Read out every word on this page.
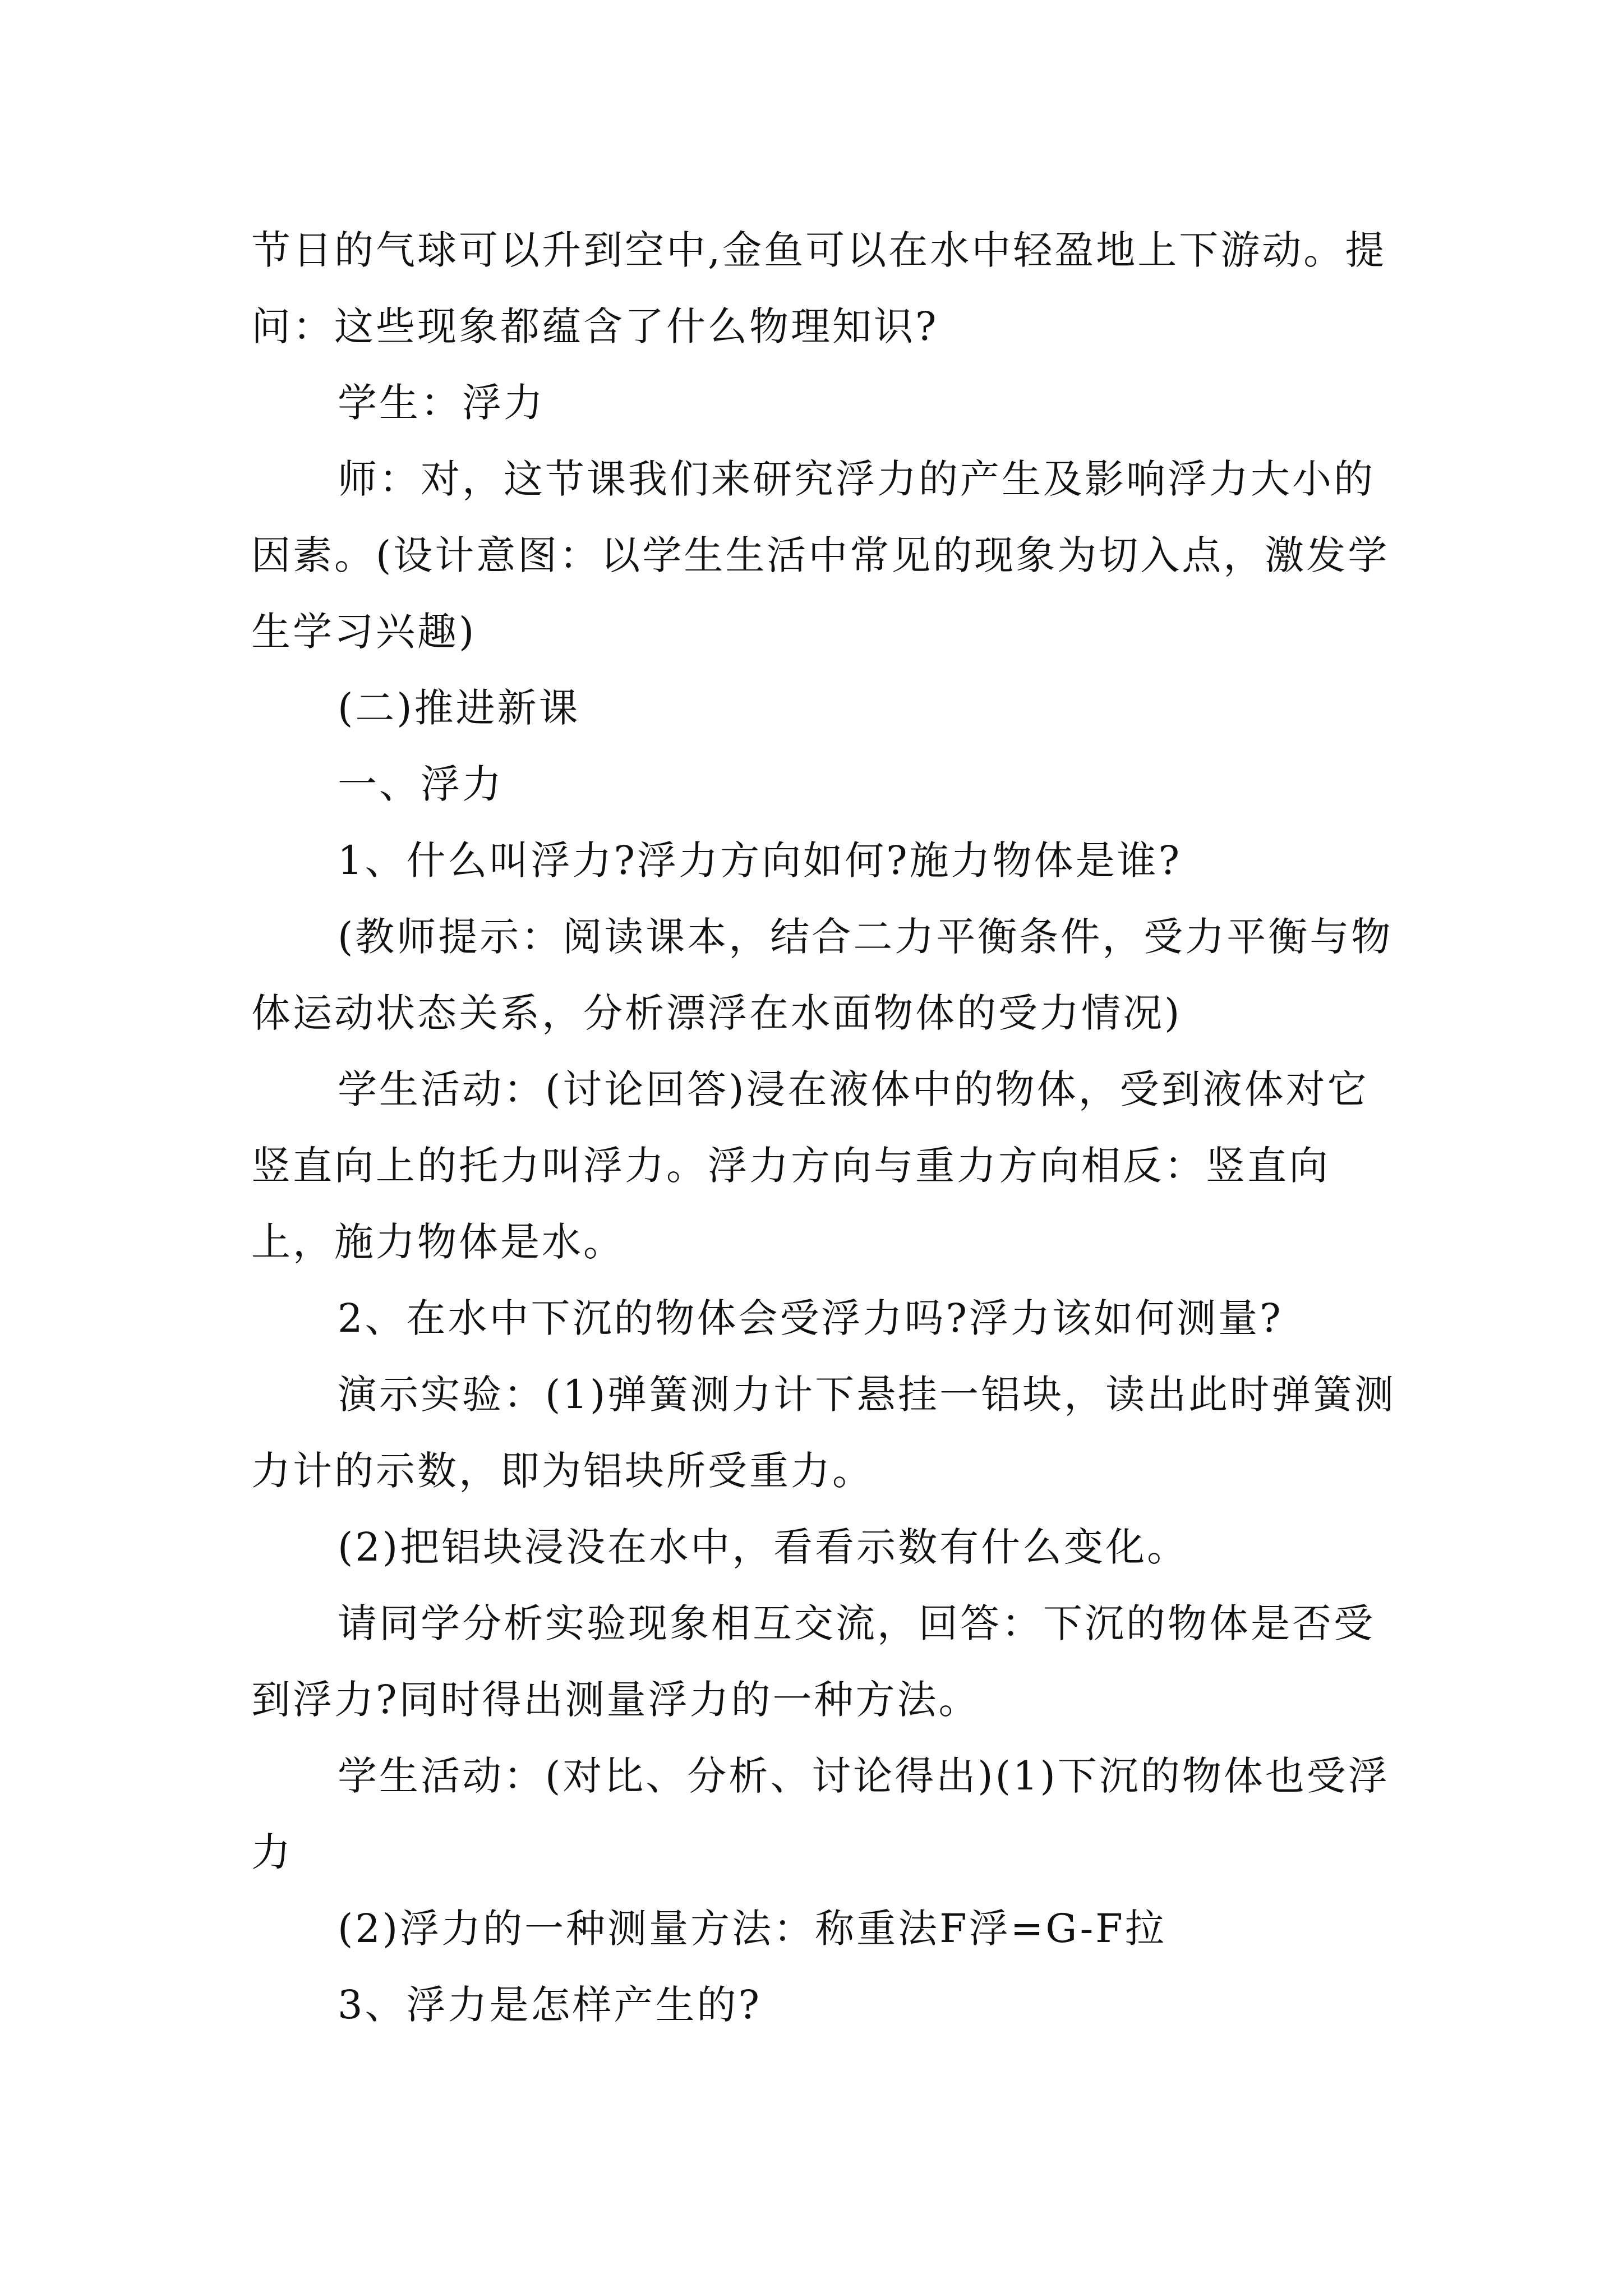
节日的气球可以升到空中,金鱼可以在水中轻盈地上下游动。提问：这些现象都蕴含了什么物理知识?

学生：浮力

师：对，这节课我们来研究浮力的产生及影响浮力大小的因素。(设计意图：以学生生活中常见的现象为切入点，激发学生学习兴趣)

(二)推进新课

一、浮力

1、什么叫浮力?浮力方向如何?施力物体是谁?

(教师提示：阅读课本，结合二力平衡条件，受力平衡与物体运动状态关系，分析漂浮在水面物体的受力情况)

学生活动：(讨论回答)浸在液体中的物体，受到液体对它竖直向上的托力叫浮力。浮力方向与重力方向相反：竖直向上，施力物体是水。

2、在水中下沉的物体会受浮力吗?浮力该如何测量?

演示实验：(1)弹簧测力计下悬挂一铝块，读出此时弹簧测力计的示数，即为铝块所受重力。

(2)把铝块浸没在水中，看看示数有什么变化。

请同学分析实验现象相互交流，回答：下沉的物体是否受到浮力?同时得出测量浮力的一种方法。

学生活动：(对比、分析、讨论得出)(1)下沉的物体也受浮力

(2)浮力的一种测量方法：称重法F浮=G-F拉

3、浮力是怎样产生的?
